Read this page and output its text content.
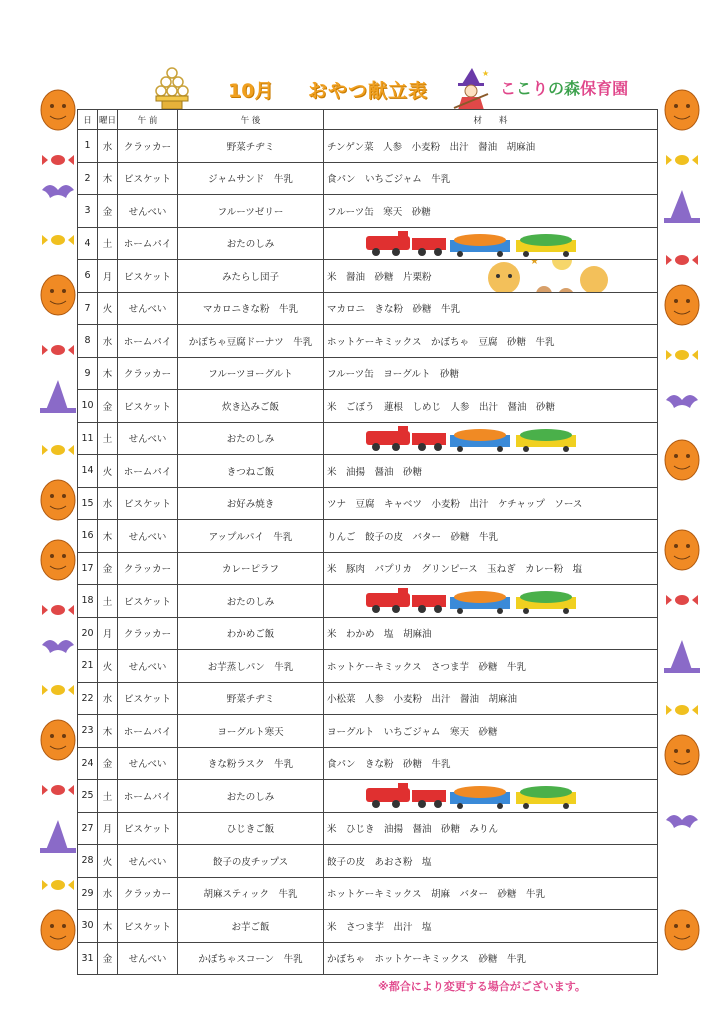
10月 おやつ献立表
★
ここりの森保育園
日	曜日	午 前	午 後	材　　料
1	水	クラッカー	野菜チヂミ	チンゲン菜　人参　小麦粉　出汁　醤油　胡麻油
2	木	ビスケット	ジャムサンド　牛乳	食パン　いちごジャム　牛乳
3	金	せんべい	フルーツゼリー	フルーツ缶　寒天　砂糖
4	土	ホームパイ	おたのしみ	

6	月	ビスケット	みたらし団子	米　醤油　砂糖　片栗粉
★ ★

7	火	せんべい	マカロニきな粉　牛乳	マカロニ　きな粉　砂糖　牛乳
8	水	ホームパイ	かぼちゃ豆腐ドーナツ　牛乳	ホットケーキミックス　かぼちゃ　豆腐　砂糖　牛乳
9	木	クラッカー	フルーツヨーグルト	フルーツ缶　ヨーグルト　砂糖
10	金	ビスケット	炊き込みご飯	米　ごぼう　蓮根　しめじ　人参　出汁　醤油　砂糖
11	土	せんべい	おたのしみ	

14	火	ホームパイ	きつねご飯	米　油揚　醤油　砂糖
15	水	ビスケット	お好み焼き	ツナ　豆腐　キャベツ　小麦粉　出汁　ケチャップ　ソース
16	木	せんべい	アップルパイ　牛乳	りんご　餃子の皮　バター　砂糖　牛乳
17	金	クラッカー	カレーピラフ	米　豚肉　パプリカ　グリンピース　玉ねぎ　カレー粉　塩
18	土	ビスケット	おたのしみ	

20	月	クラッカー	わかめご飯	米　わかめ　塩　胡麻油
21	火	せんべい	お芋蒸しパン　牛乳	ホットケーキミックス　さつま芋　砂糖　牛乳
22	水	ビスケット	野菜チヂミ	小松菜　人参　小麦粉　出汁　醤油　胡麻油
23	木	ホームパイ	ヨーグルト寒天	ヨーグルト　いちごジャム　寒天　砂糖
24	金	せんべい	きな粉ラスク　牛乳	食パン　きな粉　砂糖　牛乳
25	土	ホームパイ	おたのしみ	

27	月	ビスケット	ひじきご飯	米　ひじき　油揚　醤油　砂糖　みりん
28	火	せんべい	餃子の皮チップス	餃子の皮　あおさ粉　塩
29	水	クラッカー	胡麻スティック　牛乳	ホットケーキミックス　胡麻　バター　砂糖　牛乳
30	木	ビスケット	お芋ご飯	米　さつま芋　出汁　塩
31	金	せんべい	かぼちゃスコーン　牛乳	かぼちゃ　ホットケーキミックス　砂糖　牛乳
※都合により変更する場合がございます。
